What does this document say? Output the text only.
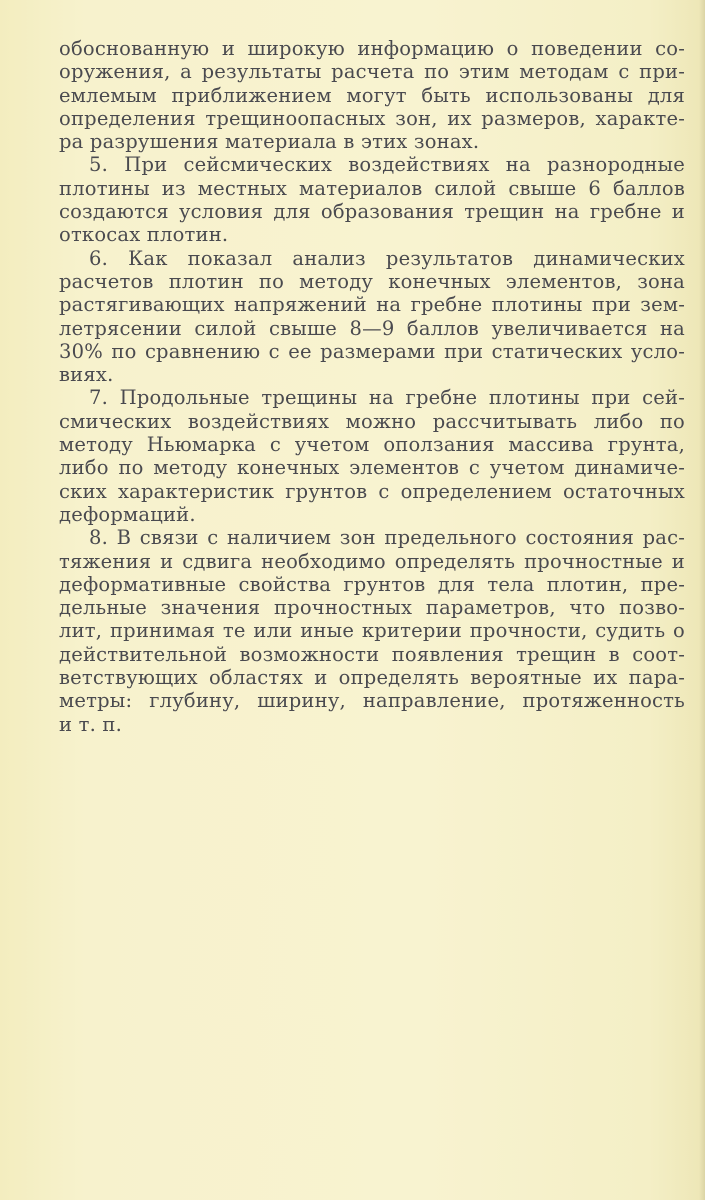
обоснованную и широкую информацию о поведении со-
оружения, а результаты расчета по этим методам с при-
емлемым приближением могут быть использованы для
определения трещиноопасных зон, их размеров, характе-
ра разрушения материала в этих зонах.
5. При сейсмических воздействиях на разнородные
плотины из местных материалов силой свыше 6 баллов
создаются условия для образования трещин на гребне и
откосах плотин.
6. Как показал анализ результатов динамических
расчетов плотин по методу конечных элементов, зона
растягивающих напряжений на гребне плотины при зем-
летрясении силой свыше 8—9 баллов увеличивается на
30% по сравнению с ее размерами при статических усло-
виях.
7. Продольные трещины на гребне плотины при сей-
смических воздействиях можно рассчитывать либо по
методу Ньюмарка с учетом оползания массива грунта,
либо по методу конечных элементов с учетом динамиче-
ских характеристик грунтов с определением остаточных
деформаций.
8. В связи с наличием зон предельного состояния рас-
тяжения и сдвига необходимо определять прочностные и
деформативные свойства грунтов для тела плотин, пре-
дельные значения прочностных параметров, что позво-
лит, принимая те или иные критерии прочности, судить о
действительной возможности появления трещин в соот-
ветствующих областях и определять вероятные их пара-
метры: глубину, ширину, направление, протяженность
и т. п.
